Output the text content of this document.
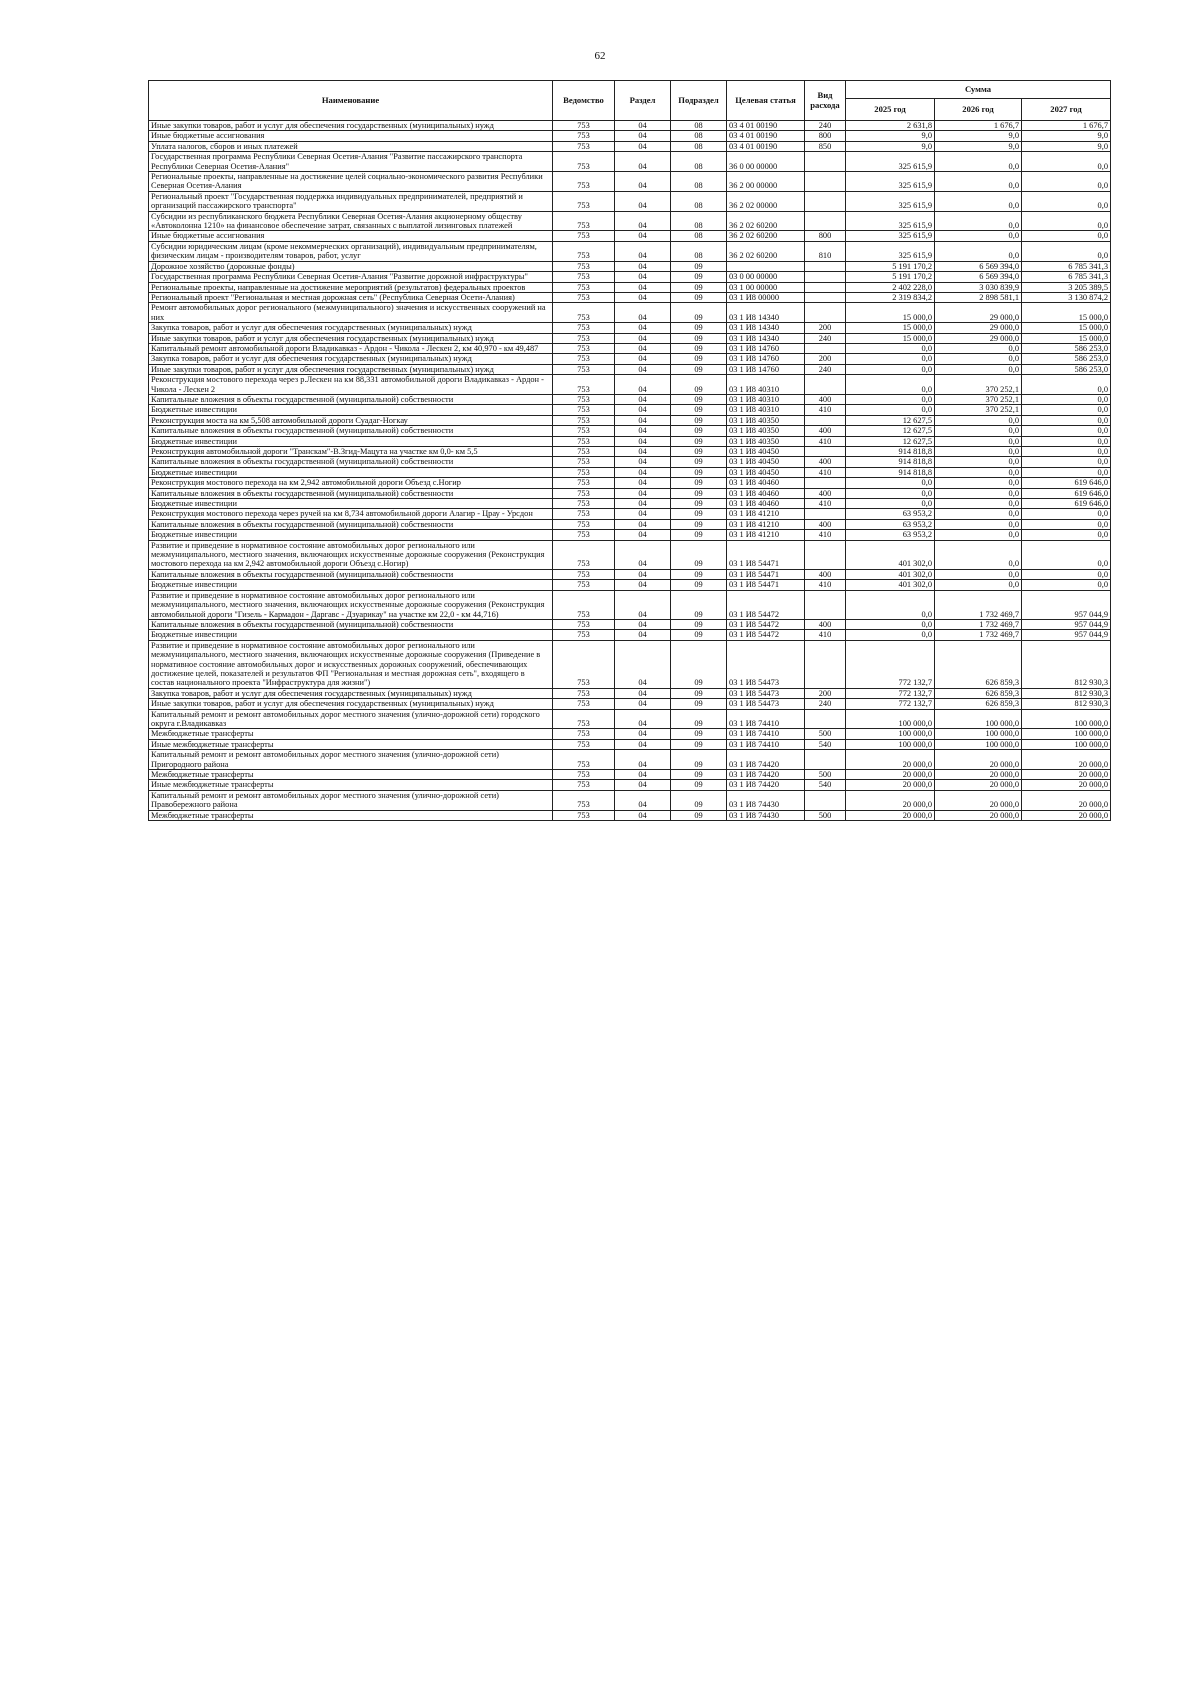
62
Наименование	Ведомство	Раздел	Подраздел	Целевая статья	Вид расхода	Сумма		
						2025 год	2026 год	2027 год
Иные закупки товаров, работ и услуг для обеспечения государственных (муниципальных) нужд	753	04	08	03 4 01 00190	240	2 631,8	1 676,7	1 676,7
Иные бюджетные ассигнования	753	04	08	03 4 01 00190	800	9,0	9,0	9,0
Уплата налогов, сборов и иных платежей	753	04	08	03 4 01 00190	850	9,0	9,0	9,0
Государственная программа Республики Северная Осетия-Алания "Развитие пассажирского транспорта Республики Северная Осетия-Алания"	753	04	08	36 0 00 00000		325 615,9	0,0	0,0
Региональные проекты, направленные на достижение целей социально-экономического развития Республики Северная Осетия-Алания	753	04	08	36 2 00 00000		325 615,9	0,0	0,0
Региональный проект "Государственная поддержка индивидуальных предпринимателей, предприятий и организаций пассажирского транспорта"	753	04	08	36 2 02 00000		325 615,9	0,0	0,0
Субсидии из республиканского бюджета Республики Северная Осетия-Алания акционерному обществу «Автоколонна 1210» на финансовое обеспечение затрат, связанных с выплатой лизинговых платежей	753	04	08	36 2 02 60200		325 615,9	0,0	0,0
Иные бюджетные ассигнования	753	04	08	36 2 02 60200	800	325 615,9	0,0	0,0
Субсидии юридическим лицам (кроме некоммерческих организаций), индивидуальным предпринимателям, физическим лицам - производителям товаров, работ, услуг	753	04	08	36 2 02 60200	810	325 615,9	0,0	0,0
Дорожное хозяйство (дорожные фонды)	753	04	09			5 191 170,2	6 569 394,0	6 785 341,3
Государственная программа Республики Северная Осетия-Алания "Развитие дорожной инфраструктуры"	753	04	09	03 0 00 00000		5 191 170,2	6 569 394,0	6 785 341,3
Региональные проекты, направленные на достижение мероприятий (результатов) федеральных проектов	753	04	09	03 1 00 00000		2 402 228,0	3 030 839,9	3 205 389,5
Региональный проект "Региональная и местная дорожная сеть" (Республика Северная Осети-Алания)	753	04	09	03 1 И8 00000		2 319 834,2	2 898 581,1	3 130 874,2
Ремонт автомобильных дорог регионального (межмуниципального) значения и искусственных сооружений на них	753	04	09	03 1 И8 14340		15 000,0	29 000,0	15 000,0
Закупка товаров, работ и услуг для обеспечения государственных (муниципальных) нужд	753	04	09	03 1 И8 14340	200	15 000,0	29 000,0	15 000,0
Иные закупки товаров, работ и услуг для обеспечения государственных (муниципальных) нужд	753	04	09	03 1 И8 14340	240	15 000,0	29 000,0	15 000,0
Капитальный ремонт автомобильной дороги Владикавказ - Ардон - Чикола - Лескен 2, км 40,970 - км 49,487	753	04	09	03 1 И8 14760		0,0	0,0	586 253,0
Закупка товаров, работ и услуг для обеспечения государственных (муниципальных) нужд	753	04	09	03 1 И8 14760	200	0,0	0,0	586 253,0
Иные закупки товаров, работ и услуг для обеспечения государственных (муниципальных) нужд	753	04	09	03 1 И8 14760	240	0,0	0,0	586 253,0
Реконструкция мостового перехода через р.Лескен на км 88,331 автомобильной дороги Владикавказ - Ардон - Чикола - Лескен 2	753	04	09	03 1 И8 40310		0,0	370 252,1	0,0
Капитальные вложения в объекты государственной (муниципальной) собственности	753	04	09	03 1 И8 40310	400	0,0	370 252,1	0,0
Бюджетные инвестиции	753	04	09	03 1 И8 40310	410	0,0	370 252,1	0,0
Реконструкция моста на км 5,508 автомобильной дороги Суадаг-Ногкау	753	04	09	03 1 И8 40350		12 627,5	0,0	0,0
Капитальные вложения в объекты государственной (муниципальной) собственности	753	04	09	03 1 И8 40350	400	12 627,5	0,0	0,0
Бюджетные инвестиции	753	04	09	03 1 И8 40350	410	12 627,5	0,0	0,0
Реконструкция автомобильной дороги "Транскам"-В.Згид-Мацута на участке км 0,0- км 5,5	753	04	09	03 1 И8 40450		914 818,8	0,0	0,0
Капитальные вложения в объекты государственной (муниципальной) собственности	753	04	09	03 1 И8 40450	400	914 818,8	0,0	0,0
Бюджетные инвестиции	753	04	09	03 1 И8 40450	410	914 818,8	0,0	0,0
Реконструкция мостового перехода на км 2,942 автомобильной дороги Объезд с.Ногир	753	04	09	03 1 И8 40460		0,0	0,0	619 646,0
Капитальные вложения в объекты государственной (муниципальной) собственности	753	04	09	03 1 И8 40460	400	0,0	0,0	619 646,0
Бюджетные инвестиции	753	04	09	03 1 И8 40460	410	0,0	0,0	619 646,0
Реконструкция мостового перехода через ручей на км 8,734 автомобильной дороги Алагир - Црау - Урсдон	753	04	09	03 1 И8 41210		63 953,2	0,0	0,0
Капитальные вложения в объекты государственной (муниципальной) собственности	753	04	09	03 1 И8 41210	400	63 953,2	0,0	0,0
Бюджетные инвестиции	753	04	09	03 1 И8 41210	410	63 953,2	0,0	0,0
Развитие и приведение в нормативное состояние автомобильных дорог регионального или межмуниципального, местного значения, включающих искусственные дорожные сооружения (Реконструкция мостового перехода на км 2,942 автомобильной дороги Объезд с.Ногир)	753	04	09	03 1 И8 54471		401 302,0	0,0	0,0
Капитальные вложения в объекты государственной (муниципальной) собственности	753	04	09	03 1 И8 54471	400	401 302,0	0,0	0,0
Бюджетные инвестиции	753	04	09	03 1 И8 54471	410	401 302,0	0,0	0,0
Развитие и приведение в нормативное состояние автомобильных дорог регионального или межмуниципального, местного значения, включающих искусственные дорожные сооружения (Реконструкция автомобильной дороги "Гизель - Кармадон - Даргавс - Дзуарикау" на участке км 22,0 - км 44,716)	753	04	09	03 1 И8 54472		0,0	1 732 469,7	957 044,9
Капитальные вложения в объекты государственной (муниципальной) собственности	753	04	09	03 1 И8 54472	400	0,0	1 732 469,7	957 044,9
Бюджетные инвестиции	753	04	09	03 1 И8 54472	410	0,0	1 732 469,7	957 044,9
Развитие и приведение в нормативное состояние автомобильных дорог регионального или межмуниципального, местного значения, включающих искусственные дорожные сооружения (Приведение в нормативное состояние автомобильных дорог и искусственных дорожных сооружений, обеспечивающих достижение целей, показателей и результатов ФП "Региональная и местная дорожная сеть", входящего в состав национального проекта "Инфраструктура для жизни")	753	04	09	03 1 И8 54473		772 132,7	626 859,3	812 930,3
Закупка товаров, работ и услуг для обеспечения государственных (муниципальных) нужд	753	04	09	03 1 И8 54473	200	772 132,7	626 859,3	812 930,3
Иные закупки товаров, работ и услуг для обеспечения государственных (муниципальных) нужд	753	04	09	03 1 И8 54473	240	772 132,7	626 859,3	812 930,3
Капитальный ремонт и ремонт автомобильных дорог местного значения (улично-дорожной сети) городского округа г.Владикавказ	753	04	09	03 1 И8 74410		100 000,0	100 000,0	100 000,0
Межбюджетные трансферты	753	04	09	03 1 И8 74410	500	100 000,0	100 000,0	100 000,0
Иные межбюджетные трансферты	753	04	09	03 1 И8 74410	540	100 000,0	100 000,0	100 000,0
Капитальный ремонт и ремонт автомобильных дорог местного значения (улично-дорожной сети) Пригородного района	753	04	09	03 1 И8 74420		20 000,0	20 000,0	20 000,0
Межбюджетные трансферты	753	04	09	03 1 И8 74420	500	20 000,0	20 000,0	20 000,0
Иные межбюджетные трансферты	753	04	09	03 1 И8 74420	540	20 000,0	20 000,0	20 000,0
Капитальный ремонт и ремонт автомобильных дорог местного значения (улично-дорожной сети) Правобережного района	753	04	09	03 1 И8 74430		20 000,0	20 000,0	20 000,0
Межбюджетные трансферты	753	04	09	03 1 И8 74430	500	20 000,0	20 000,0	20 000,0
